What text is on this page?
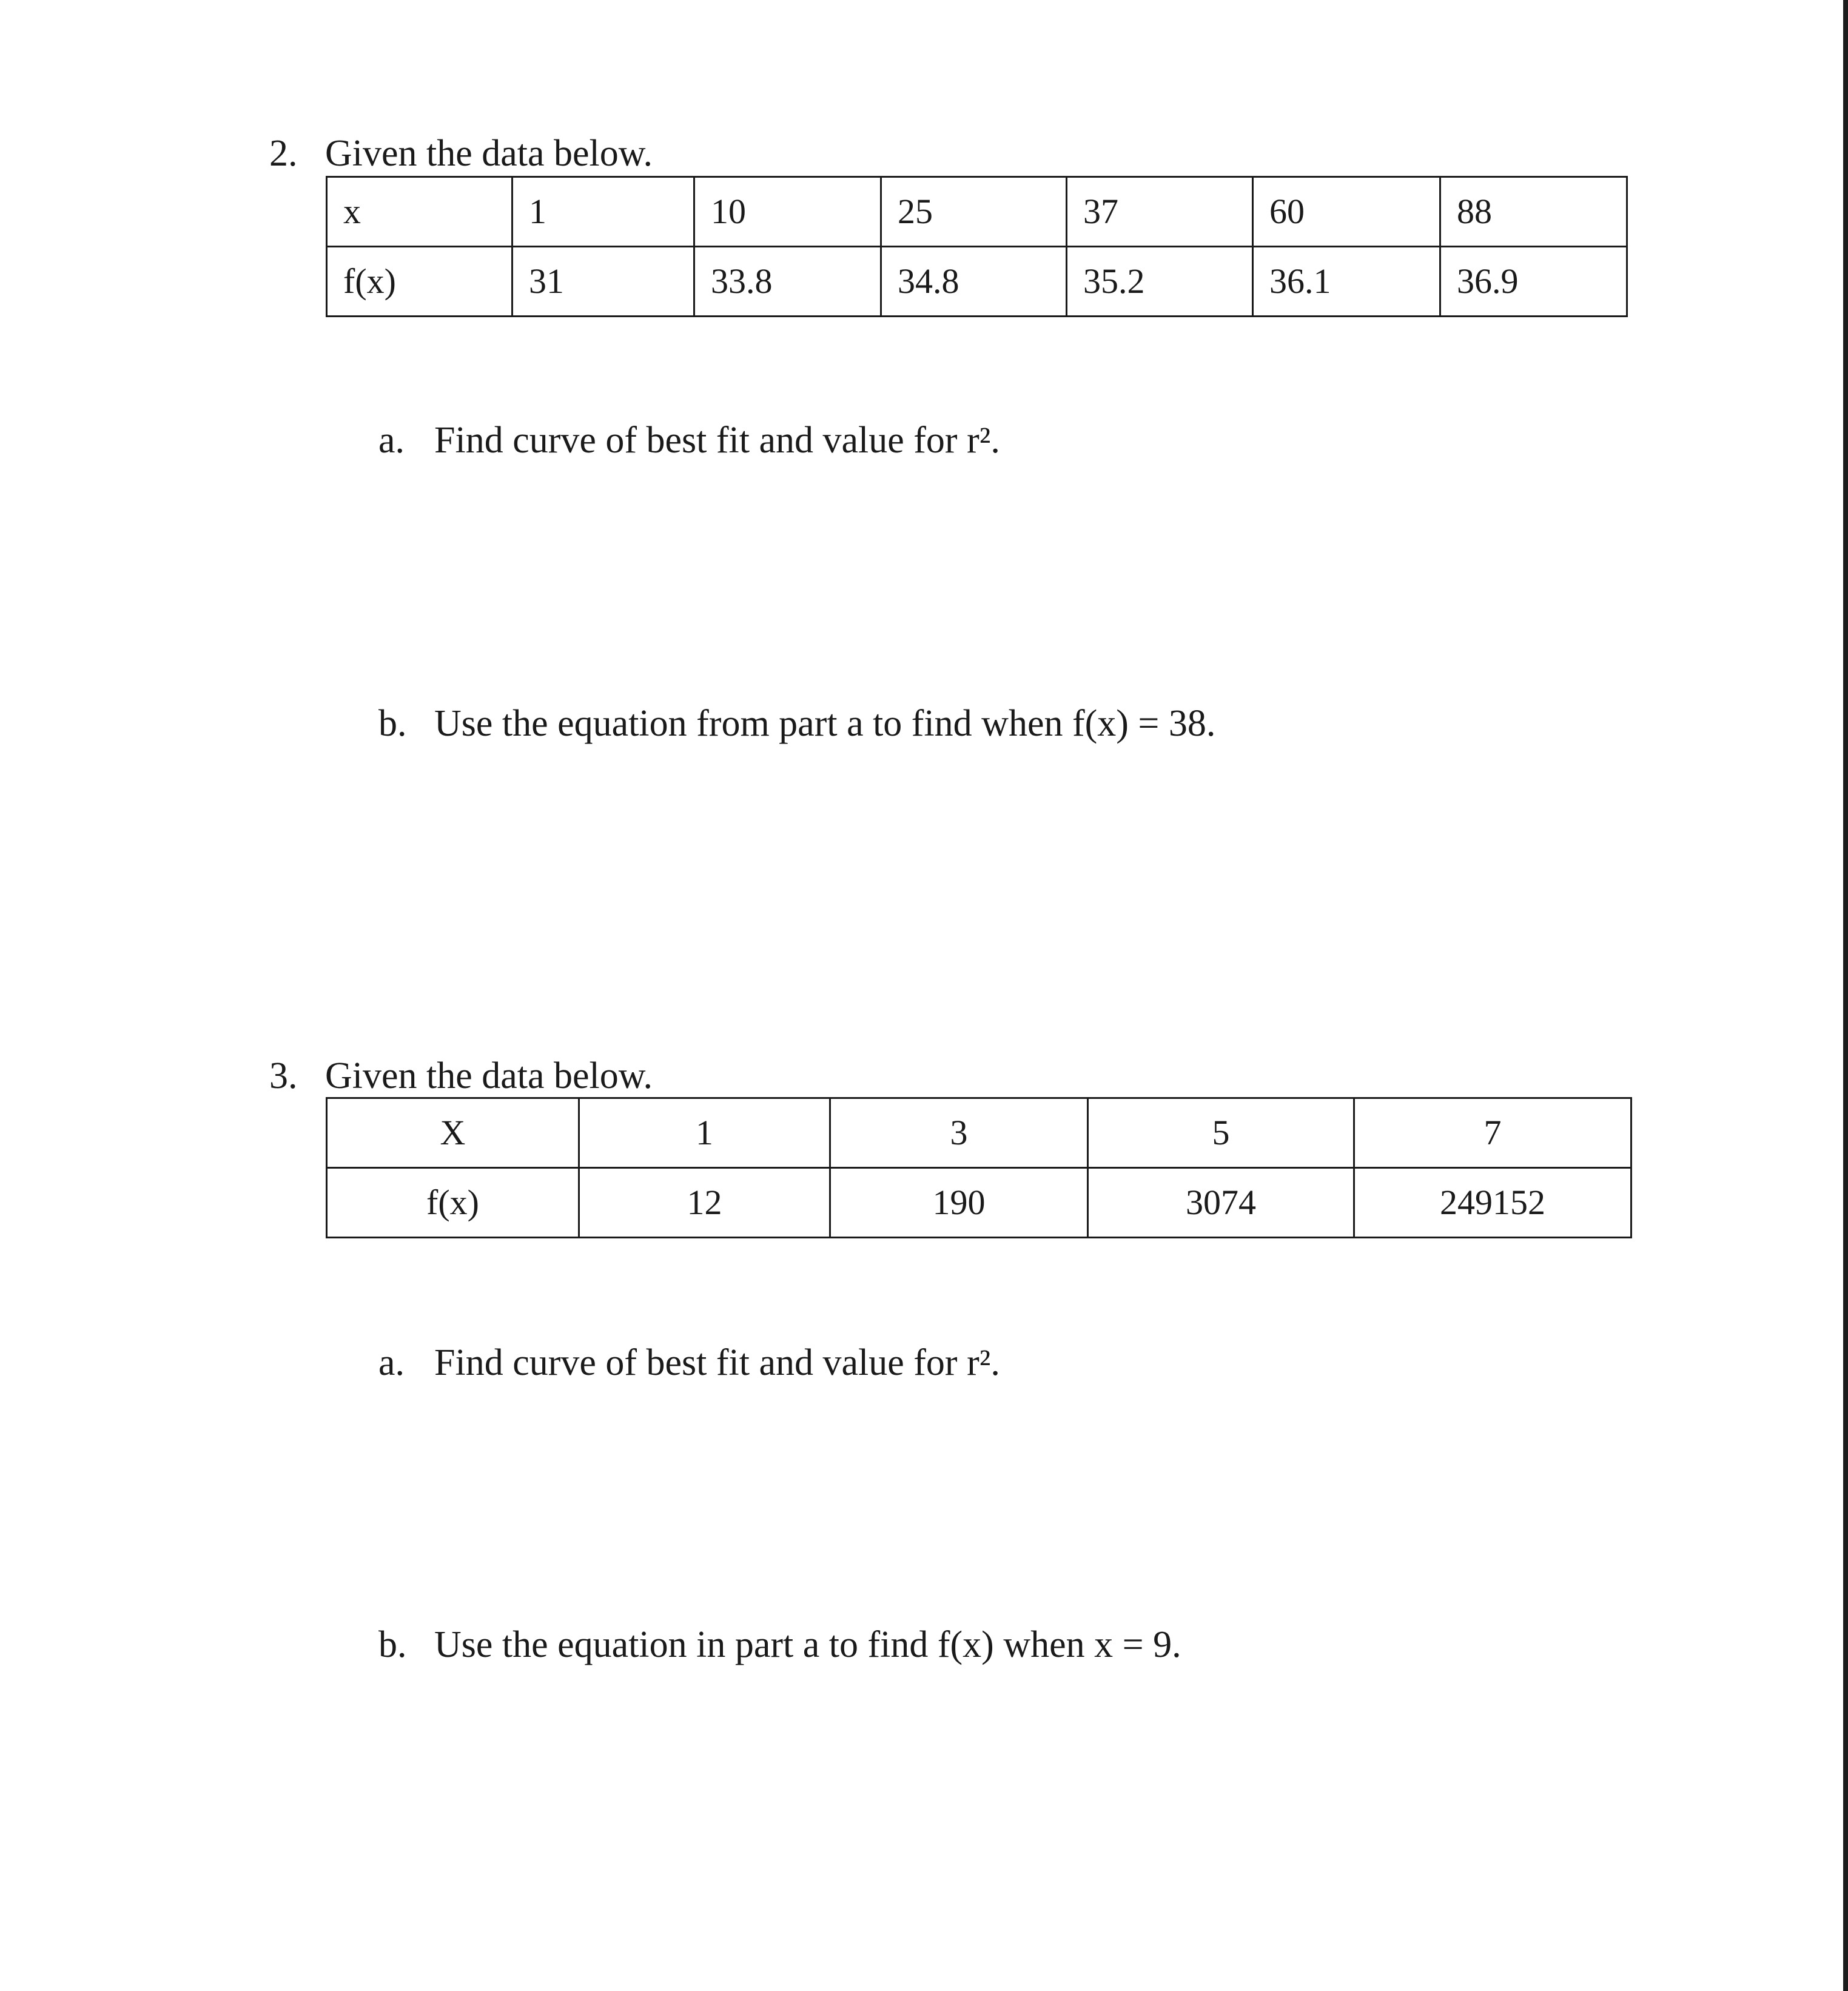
2. Given the data below.
x	1	10	25	37	60	88
f(x)	31	33.8	34.8	35.2	36.1	36.9
a. Find curve of best fit and value for r².
b. Use the equation from part a to find when f(x) = 38.
3. Given the data below.
X	1	3	5	7
f(x)	12	190	3074	249152
a. Find curve of best fit and value for r².
b. Use the equation in part a to find f(x) when x = 9.
